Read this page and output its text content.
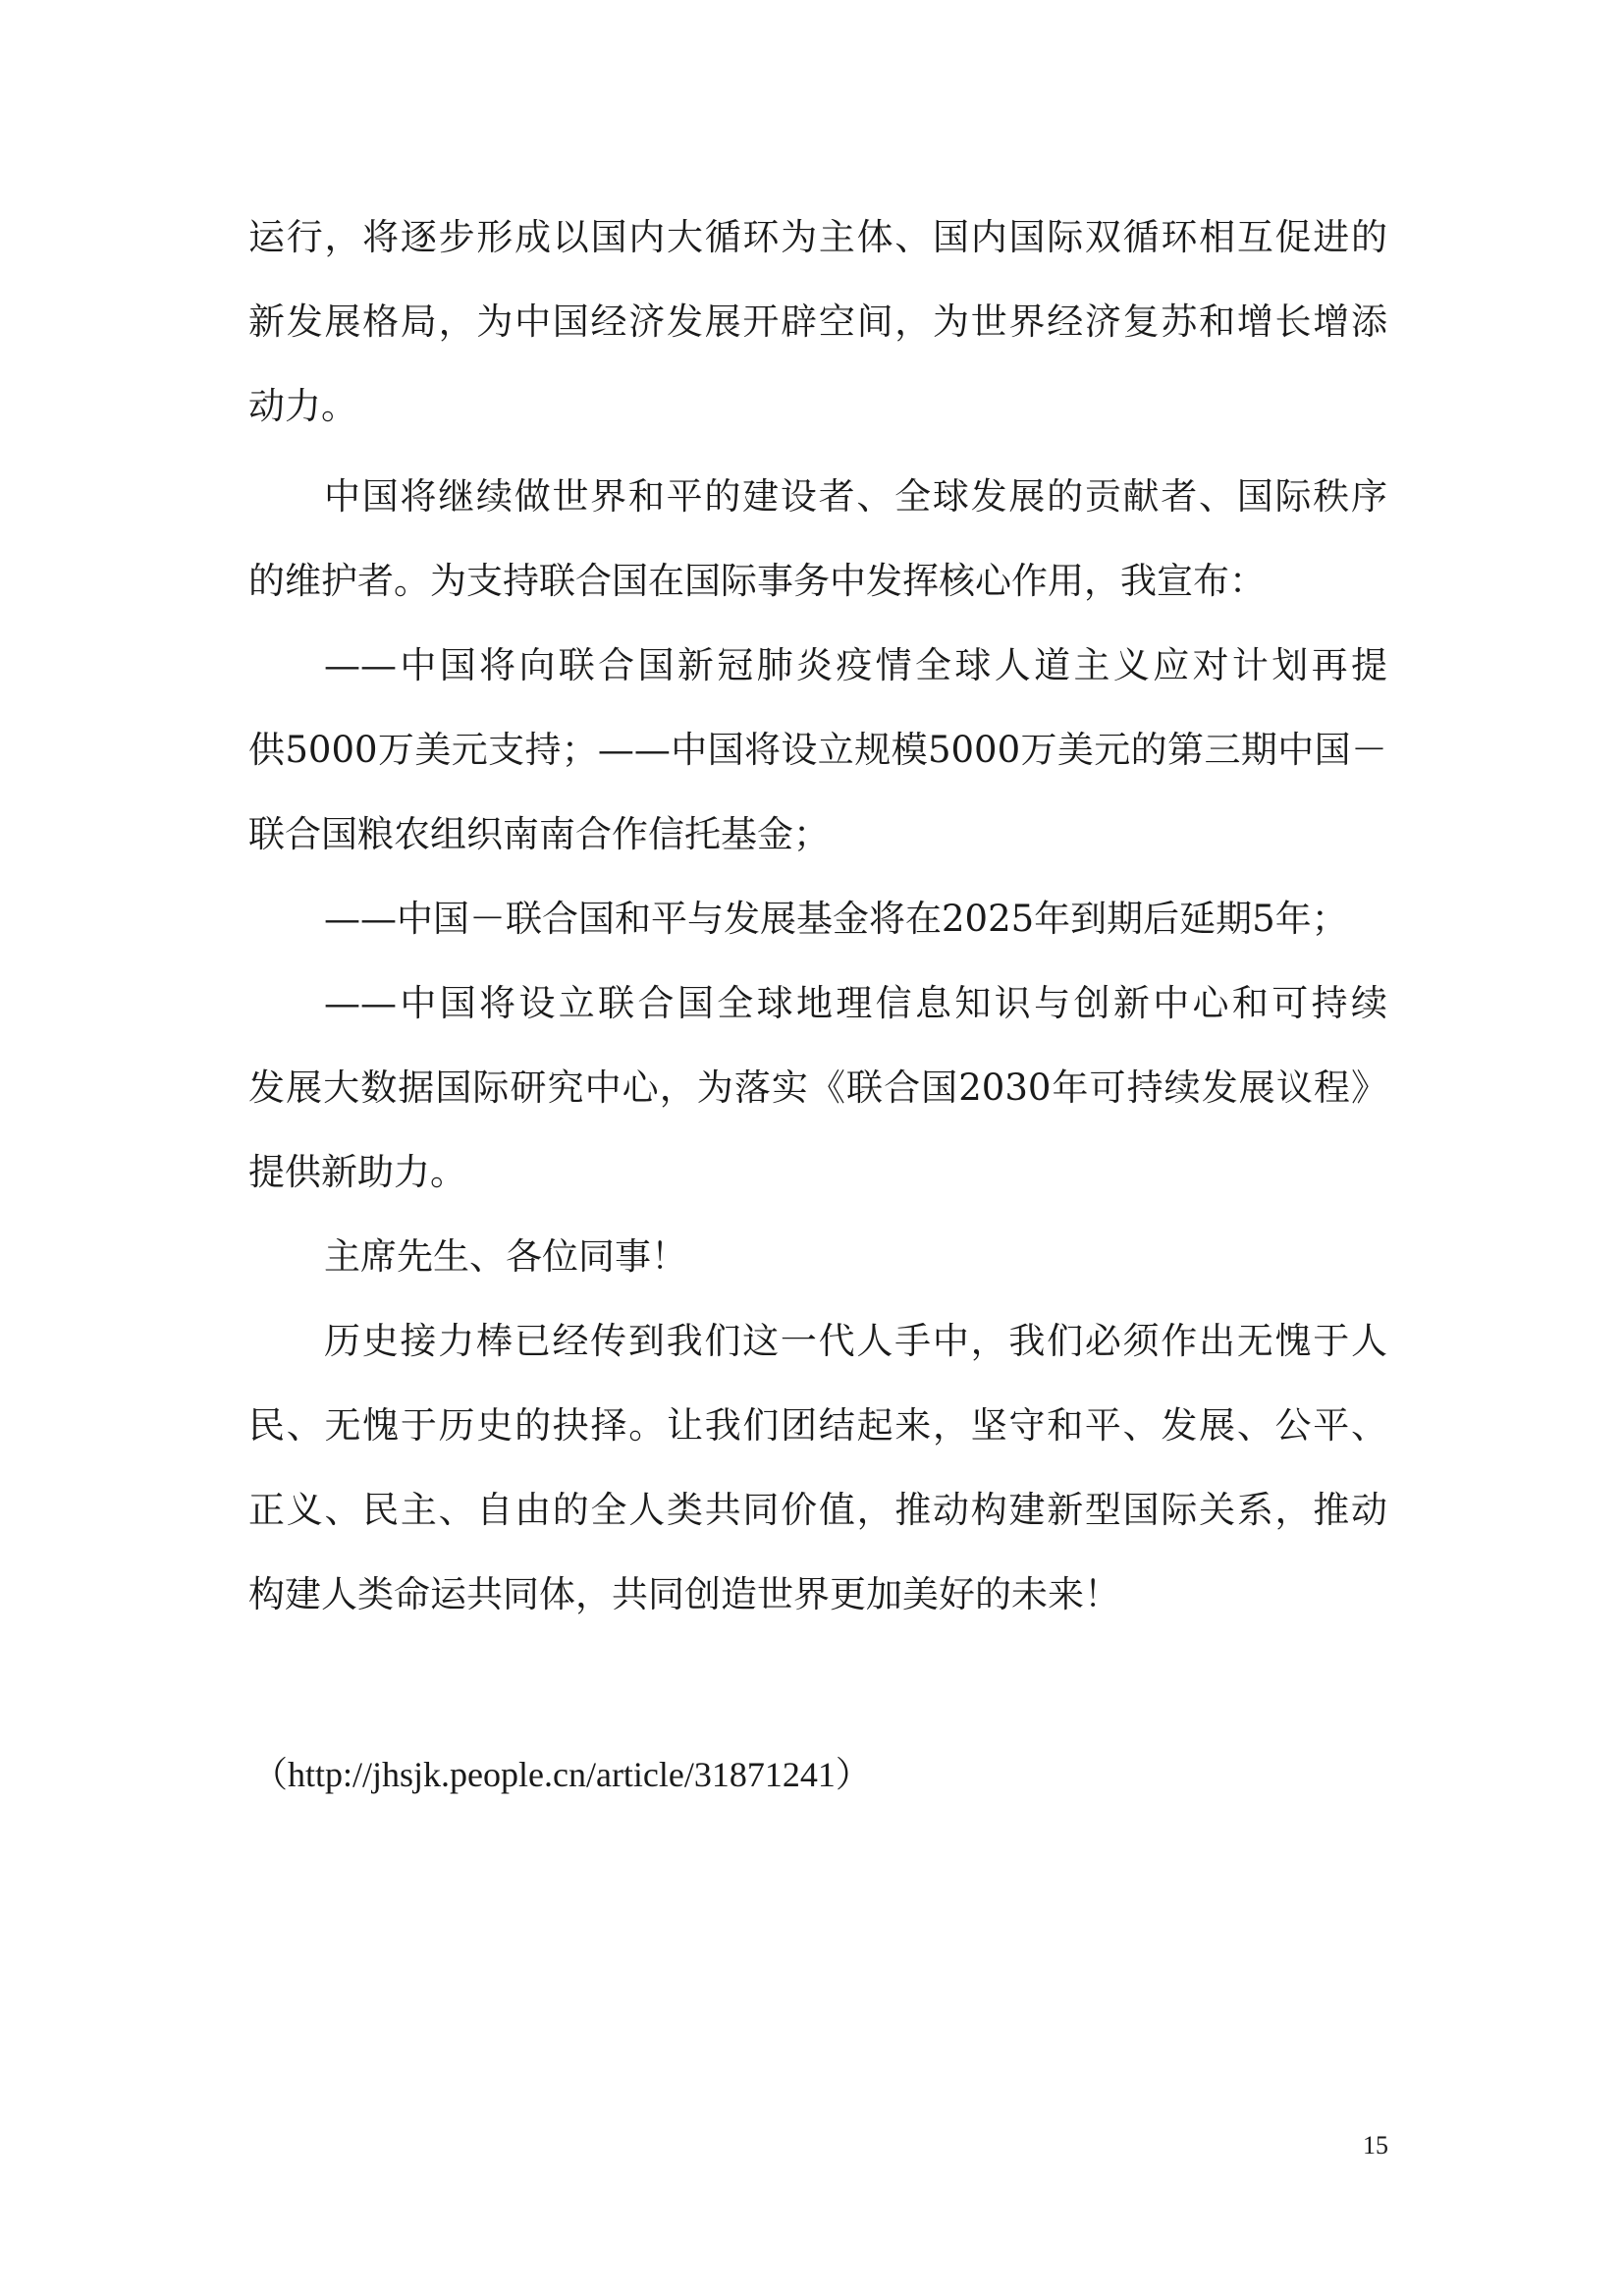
运行，将逐步形成以国内大循环为主体、国内国际双循环相互促进的
新发展格局，为中国经济发展开辟空间，为世界经济复苏和增长增添
动力。
中国将继续做世界和平的建设者、全球发展的贡献者、国际秩序
的维护者。为支持联合国在国际事务中发挥核心作用，我宣布：
——中国将向联合国新冠肺炎疫情全球人道主义应对计划再提
供5000万美元支持；——中国将设立规模5000万美元的第三期中国－
联合国粮农组织南南合作信托基金；
——中国－联合国和平与发展基金将在2025年到期后延期5年；
——中国将设立联合国全球地理信息知识与创新中心和可持续
发展大数据国际研究中心，为落实《联合国2030年可持续发展议程》
提供新助力。
主席先生、各位同事！
历史接力棒已经传到我们这一代人手中，我们必须作出无愧于人
民、无愧于历史的抉择。让我们团结起来，坚守和平、发展、公平、
正义、民主、自由的全人类共同价值，推动构建新型国际关系，推动
构建人类命运共同体，共同创造世界更加美好的未来！
（http://jhsjk.people.cn/article/31871241）
15
